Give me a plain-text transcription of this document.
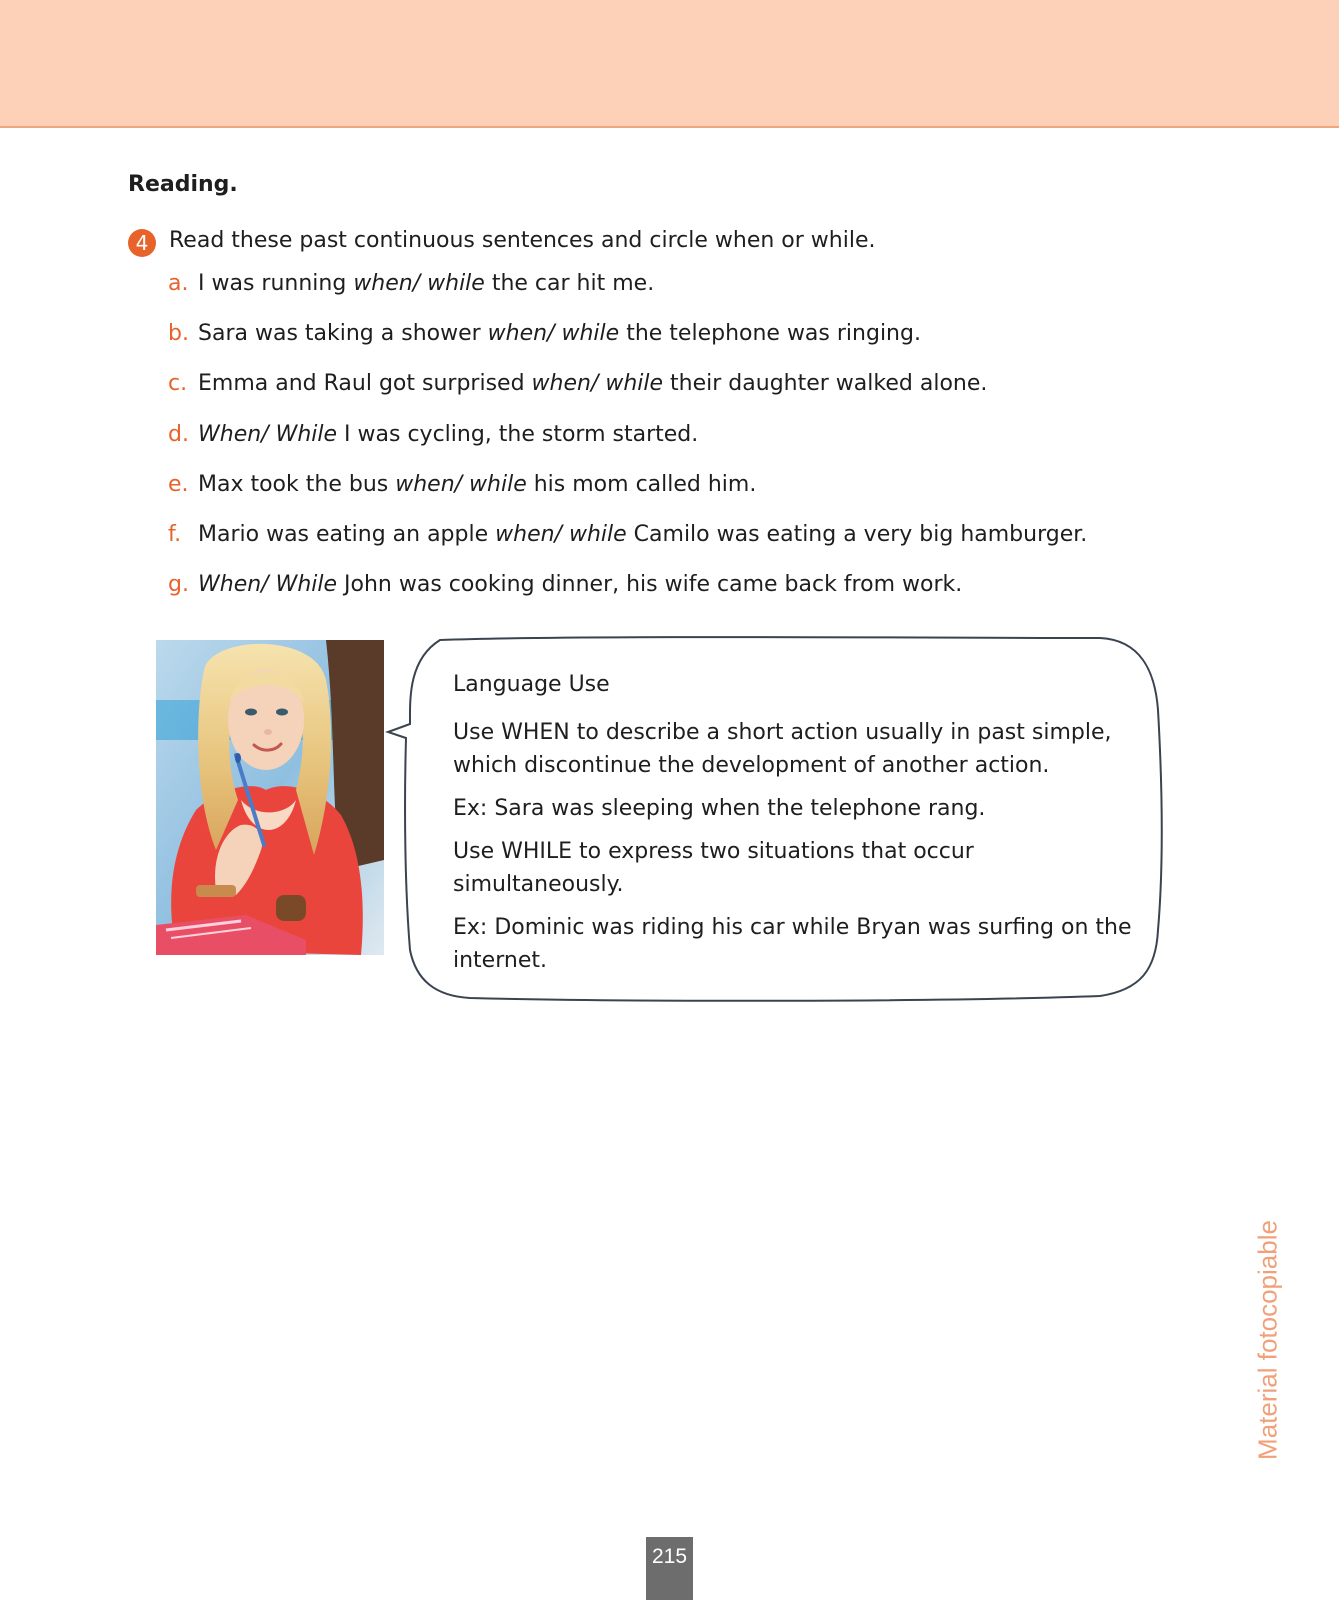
Reading.
4 Read these past continuous sentences and circle when or while.

a. I was running when/ while the car hit me.
b. Sara was taking a shower when/ while the telephone was ringing.
c. Emma and Raul got surprised when/ while their daughter walked alone.
d. When/ While I was cycling, the storm started.
e. Max took the bus when/ while his mom called him.
f. Mario was eating an apple when/ while Camilo was eating a very big hamburger.
g. When/ While John was cooking dinner, his wife came back from work.

Language Use

Use WHEN to describe a short action usually in past simple, which discontinue the development of another action.

Ex: Sara was sleeping when the telephone rang.

Use WHILE to express two situations that occur simultaneously.

Ex: Dominic was riding his car while Bryan was surfing on the internet.

Material fotocopiable
215
